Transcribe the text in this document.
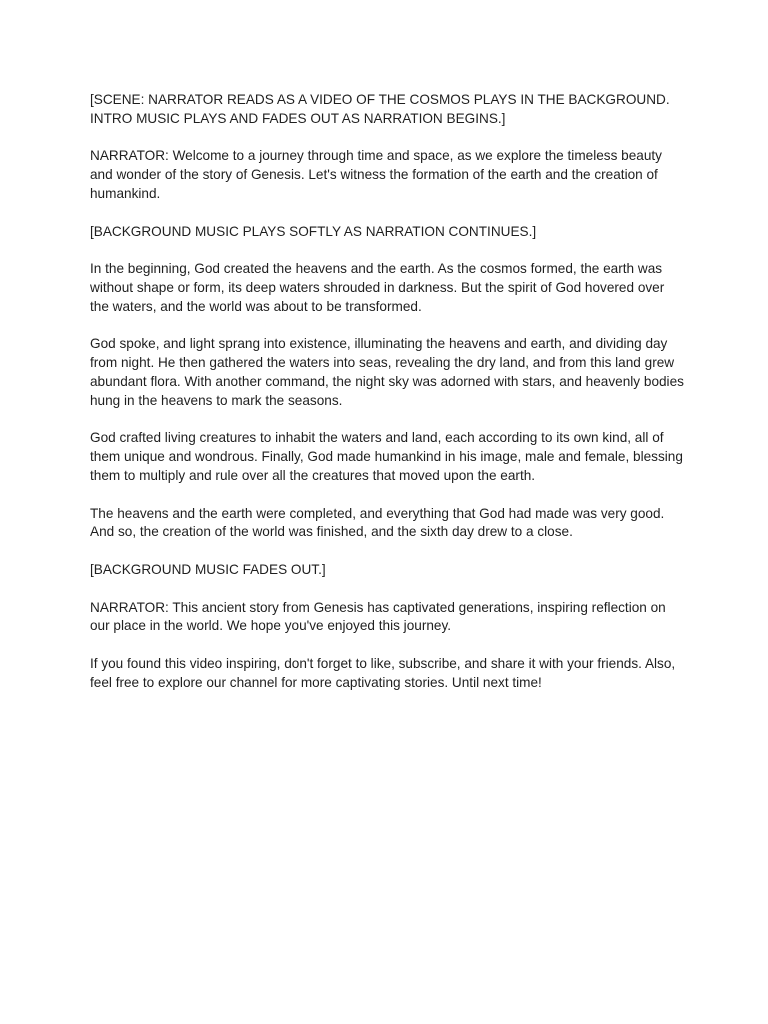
[SCENE: NARRATOR READS AS A VIDEO OF THE COSMOS PLAYS IN THE BACKGROUND. INTRO MUSIC PLAYS AND FADES OUT AS NARRATION BEGINS.]

NARRATOR: Welcome to a journey through time and space, as we explore the timeless beauty and wonder of the story of Genesis. Let's witness the formation of the earth and the creation of humankind.

[BACKGROUND MUSIC PLAYS SOFTLY AS NARRATION CONTINUES.]

In the beginning, God created the heavens and the earth. As the cosmos formed, the earth was without shape or form, its deep waters shrouded in darkness. But the spirit of God hovered over the waters, and the world was about to be transformed.

God spoke, and light sprang into existence, illuminating the heavens and earth, and dividing day from night. He then gathered the waters into seas, revealing the dry land, and from this land grew abundant flora. With another command, the night sky was adorned with stars, and heavenly bodies hung in the heavens to mark the seasons.

God crafted living creatures to inhabit the waters and land, each according to its own kind, all of them unique and wondrous. Finally, God made humankind in his image, male and female, blessing them to multiply and rule over all the creatures that moved upon the earth.

The heavens and the earth were completed, and everything that God had made was very good. And so, the creation of the world was finished, and the sixth day drew to a close.

[BACKGROUND MUSIC FADES OUT.]

NARRATOR: This ancient story from Genesis has captivated generations, inspiring reflection on our place in the world. We hope you've enjoyed this journey.

If you found this video inspiring, don't forget to like, subscribe, and share it with your friends. Also, feel free to explore our channel for more captivating stories. Until next time!
